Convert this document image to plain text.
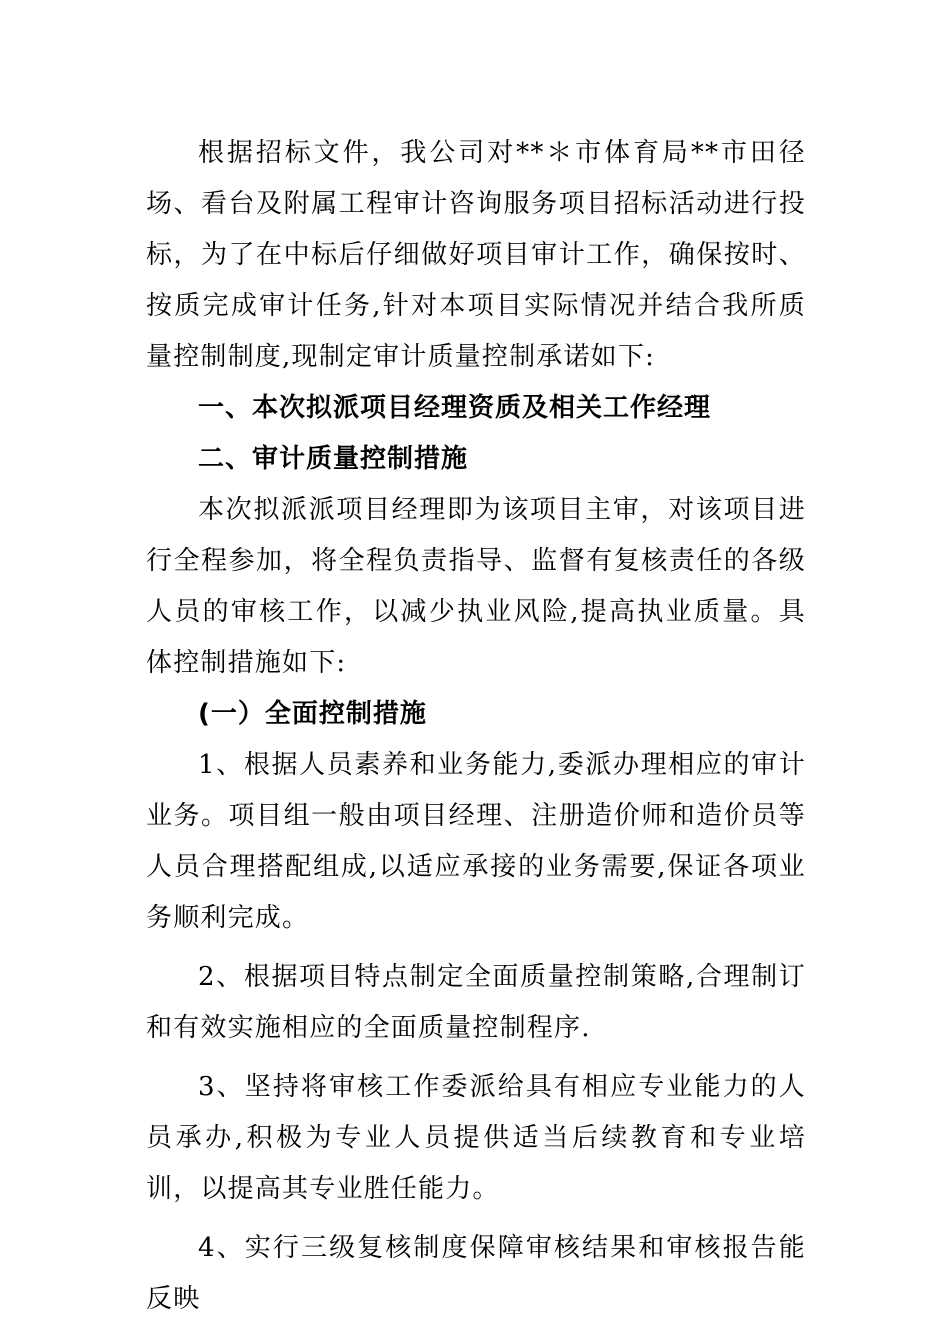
根据招标文件，我公司对**＊市体育局**市田径场、看台及附属工程审计咨询服务项目招标活动进行投标，为了在中标后仔细做好项目审计工作，确保按时、按质完成审计任务,针对本项目实际情况并结合我所质量控制制度,现制定审计质量控制承诺如下:

一、本次拟派项目经理资质及相关工作经理

二、审计质量控制措施

本次拟派派项目经理即为该项目主审，对该项目进行全程参加，将全程负责指导、监督有复核责任的各级人员的审核工作，以减少执业风险,提高执业质量。具体控制措施如下:

(一）全面控制措施

1、根据人员素养和业务能力,委派办理相应的审计业务。项目组一般由项目经理、注册造价师和造价员等人员合理搭配组成,以适应承接的业务需要,保证各项业务顺利完成。

2、根据项目特点制定全面质量控制策略,合理制订和有效实施相应的全面质量控制程序.

3、坚持将审核工作委派给具有相应专业能力的人员承办,积极为专业人员提供适当后续教育和专业培训，以提高其专业胜任能力。

4、实行三级复核制度保障审核结果和审核报告能反映
